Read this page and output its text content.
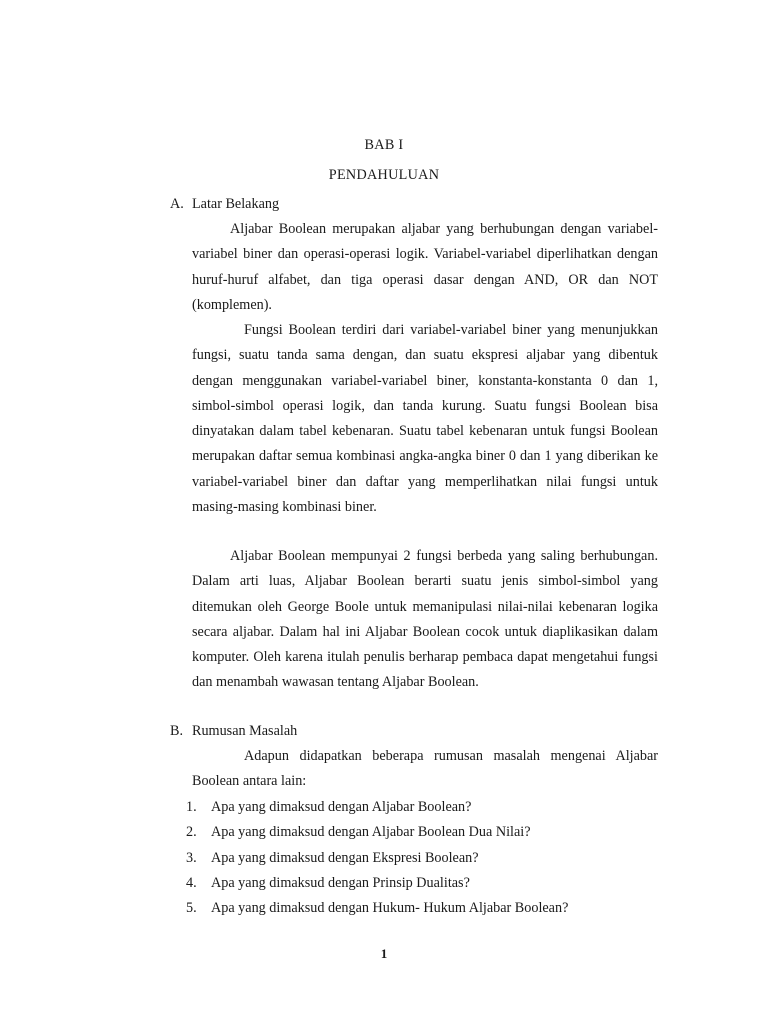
BAB I
PENDAHULUAN
A. Latar Belakang

Aljabar Boolean merupakan aljabar yang berhubungan dengan variabel-variabel biner dan operasi-operasi logik. Variabel-variabel diperlihatkan dengan huruf-huruf alfabet, dan tiga operasi dasar dengan AND, OR dan NOT (komplemen).

Fungsi Boolean terdiri dari variabel-variabel biner yang menunjukkan fungsi, suatu tanda sama dengan, dan suatu ekspresi aljabar yang dibentuk dengan menggunakan variabel-variabel biner, konstanta-konstanta 0 dan 1, simbol-simbol operasi logik, dan tanda kurung. Suatu fungsi Boolean bisa dinyatakan dalam tabel kebenaran. Suatu tabel kebenaran untuk fungsi Boolean merupakan daftar semua kombinasi angka-angka biner 0 dan 1 yang diberikan ke variabel-variabel biner dan daftar yang memperlihatkan nilai fungsi untuk masing-masing kombinasi biner.

Aljabar Boolean mempunyai 2 fungsi berbeda yang saling berhubungan. Dalam arti luas, Aljabar Boolean berarti suatu jenis simbol-simbol yang ditemukan oleh George Boole untuk memanipulasi nilai-nilai kebenaran logika secara aljabar. Dalam hal ini Aljabar Boolean cocok untuk diaplikasikan dalam komputer. Oleh karena itulah penulis berharap pembaca dapat mengetahui fungsi dan menambah wawasan tentang Aljabar Boolean.

B. Rumusan Masalah

Adapun didapatkan beberapa rumusan masalah mengenai Aljabar Boolean antara lain:

1. Apa yang dimaksud dengan Aljabar Boolean?
2. Apa yang dimaksud dengan Aljabar Boolean Dua Nilai?
3. Apa yang dimaksud dengan Ekspresi Boolean?
4. Apa yang dimaksud dengan Prinsip Dualitas?
5. Apa yang dimaksud dengan Hukum- Hukum Aljabar Boolean?
1
